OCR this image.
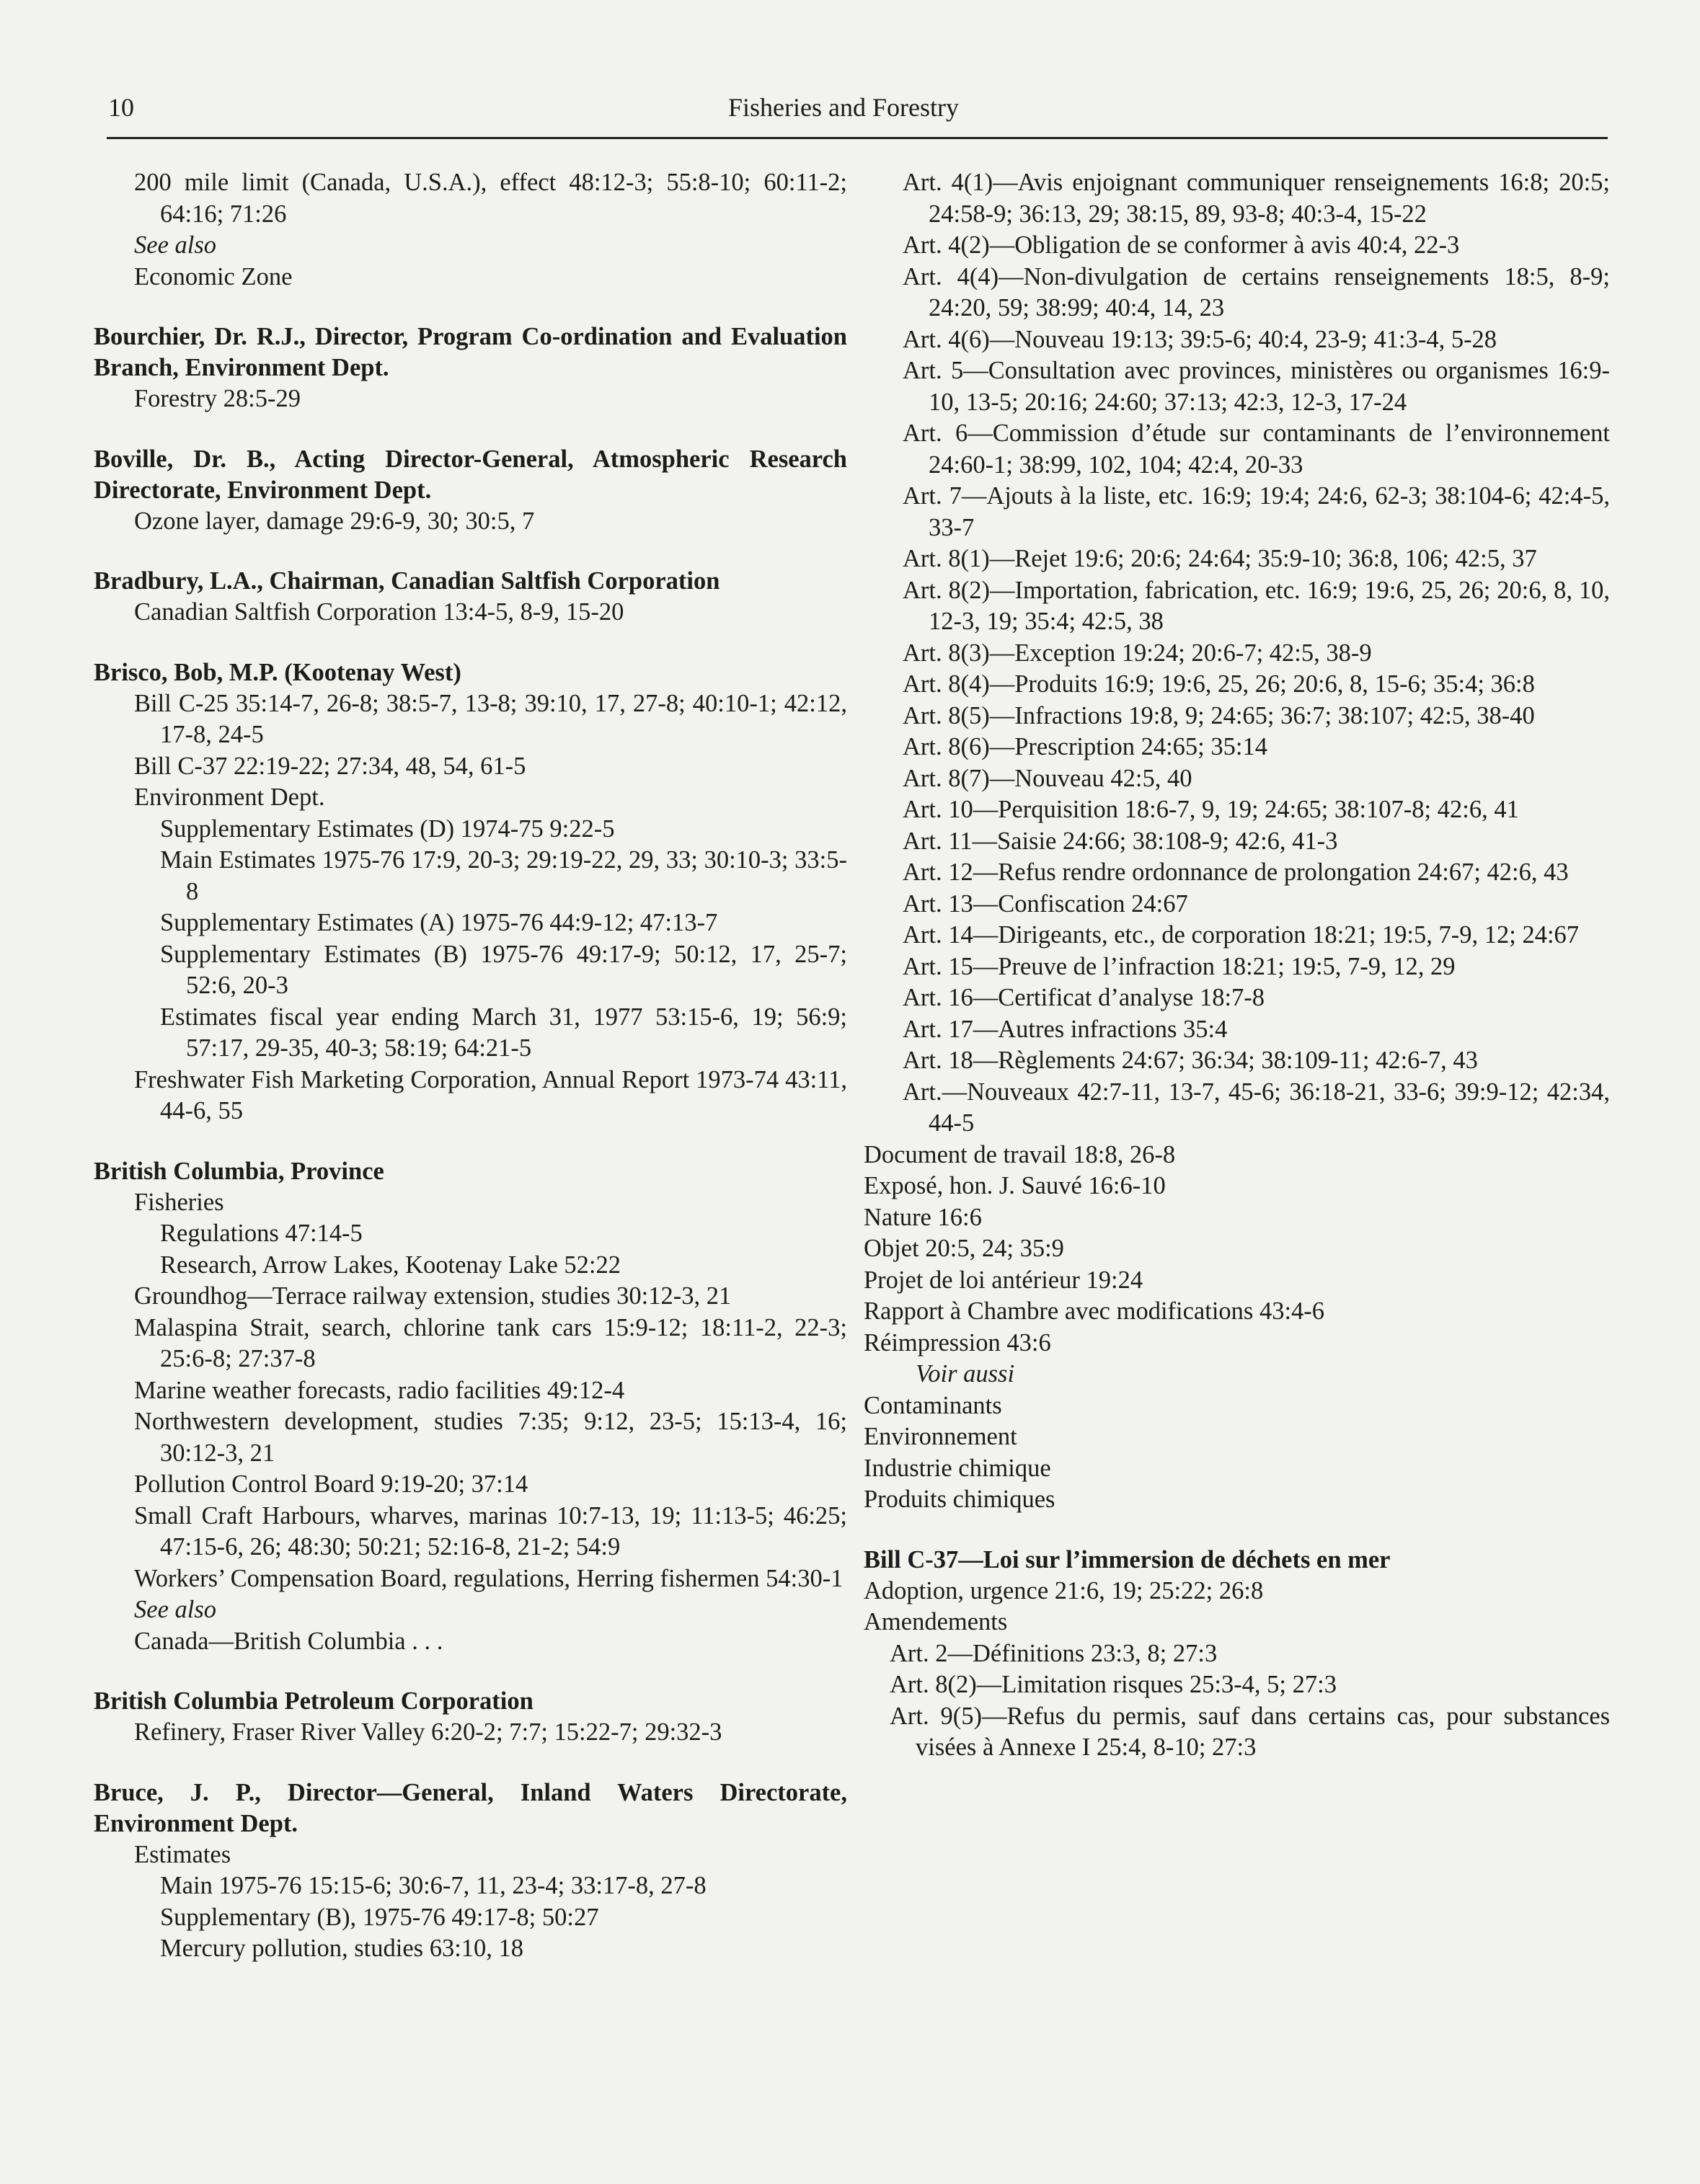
10	Fisheries and Forestry
200 mile limit (Canada, U.S.A.), effect 48:12-3; 55:8-10; 60:11-2; 64:16; 71:26
See also
Economic Zone
Bourchier, Dr. R.J., Director, Program Co-ordination and Evaluation Branch, Environment Dept.
Forestry 28:5-29
Boville, Dr. B., Acting Director-General, Atmospheric Research Directorate, Environment Dept.
Ozone layer, damage 29:6-9, 30; 30:5, 7
Bradbury, L.A., Chairman, Canadian Saltfish Corporation
Canadian Saltfish Corporation 13:4-5, 8-9, 15-20
Brisco, Bob, M.P. (Kootenay West)
Bill C-25 35:14-7, 26-8; 38:5-7, 13-8; 39:10, 17, 27-8; 40:10-1; 42:12, 17-8, 24-5
Bill C-37 22:19-22; 27:34, 48, 54, 61-5
Environment Dept.
Supplementary Estimates (D) 1974-75 9:22-5
Main Estimates 1975-76 17:9, 20-3; 29:19-22, 29, 33; 30:10-3; 33:5-8
Supplementary Estimates (A) 1975-76 44:9-12; 47:13-7
Supplementary Estimates (B) 1975-76 49:17-9; 50:12, 17, 25-7; 52:6, 20-3
Estimates fiscal year ending March 31, 1977 53:15-6, 19; 56:9; 57:17, 29-35, 40-3; 58:19; 64:21-5
Freshwater Fish Marketing Corporation, Annual Report 1973-74 43:11, 44-6, 55
British Columbia, Province
Fisheries
Regulations 47:14-5
Research, Arrow Lakes, Kootenay Lake 52:22
Groundhog—Terrace railway extension, studies 30:12-3, 21
Malaspina Strait, search, chlorine tank cars 15:9-12; 18:11-2, 22-3; 25:6-8; 27:37-8
Marine weather forecasts, radio facilities 49:12-4
Northwestern development, studies 7:35; 9:12, 23-5; 15:13-4, 16; 30:12-3, 21
Pollution Control Board 9:19-20; 37:14
Small Craft Harbours, wharves, marinas 10:7-13, 19; 11:13-5; 46:25; 47:15-6, 26; 48:30; 50:21; 52:16-8, 21-2; 54:9
Workers’ Compensation Board, regulations, Herring fishermen 54:30-1
See also
Canada—British Columbia . . .
British Columbia Petroleum Corporation
Refinery, Fraser River Valley 6:20-2; 7:7; 15:22-7; 29:32-3
Bruce, J. P., Director—General, Inland Waters Directorate, Environment Dept.
Estimates
Main 1975-76 15:15-6; 30:6-7, 11, 23-4; 33:17-8, 27-8
Supplementary (B), 1975-76 49:17-8; 50:27
Mercury pollution, studies 63:10, 18
Art. 4(1)—Avis enjoignant communiquer renseignements 16:8; 20:5; 24:58-9; 36:13, 29; 38:15, 89, 93-8; 40:3-4, 15-22
Art. 4(2)—Obligation de se conformer à avis 40:4, 22-3
Art. 4(4)—Non-divulgation de certains renseignements 18:5, 8-9; 24:20, 59; 38:99; 40:4, 14, 23
Art. 4(6)—Nouveau 19:13; 39:5-6; 40:4, 23-9; 41:3-4, 5-28
Art. 5—Consultation avec provinces, ministères ou organismes 16:9-10, 13-5; 20:16; 24:60; 37:13; 42:3, 12-3, 17-24
Art. 6—Commission d’étude sur contaminants de l’environnement 24:60-1; 38:99, 102, 104; 42:4, 20-33
Art. 7—Ajouts à la liste, etc. 16:9; 19:4; 24:6, 62-3; 38:104-6; 42:4-5, 33-7
Art. 8(1)—Rejet 19:6; 20:6; 24:64; 35:9-10; 36:8, 106; 42:5, 37
Art. 8(2)—Importation, fabrication, etc. 16:9; 19:6, 25, 26; 20:6, 8, 10, 12-3, 19; 35:4; 42:5, 38
Art. 8(3)—Exception 19:24; 20:6-7; 42:5, 38-9
Art. 8(4)—Produits 16:9; 19:6, 25, 26; 20:6, 8, 15-6; 35:4; 36:8
Art. 8(5)—Infractions 19:8, 9; 24:65; 36:7; 38:107; 42:5, 38-40
Art. 8(6)—Prescription 24:65; 35:14
Art. 8(7)—Nouveau 42:5, 40
Art. 10—Perquisition 18:6-7, 9, 19; 24:65; 38:107-8; 42:6, 41
Art. 11—Saisie 24:66; 38:108-9; 42:6, 41-3
Art. 12—Refus rendre ordonnance de prolongation 24:67; 42:6, 43
Art. 13—Confiscation 24:67
Art. 14—Dirigeants, etc., de corporation 18:21; 19:5, 7-9, 12; 24:67
Art. 15—Preuve de l’infraction 18:21; 19:5, 7-9, 12, 29
Art. 16—Certificat d’analyse 18:7-8
Art. 17—Autres infractions 35:4
Art. 18—Règlements 24:67; 36:34; 38:109-11; 42:6-7, 43
Art.—Nouveaux 42:7-11, 13-7, 45-6; 36:18-21, 33-6; 39:9-12; 42:34, 44-5
Document de travail 18:8, 26-8
Exposé, hon. J. Sauvé 16:6-10
Nature 16:6
Objet 20:5, 24; 35:9
Projet de loi antérieur 19:24
Rapport à Chambre avec modifications 43:4-6
Réimpression 43:6
Voir aussi
Contaminants
Environnement
Industrie chimique
Produits chimiques
Bill C-37—Loi sur l’immersion de déchets en mer
Adoption, urgence 21:6, 19; 25:22; 26:8
Amendements
Art. 2—Définitions 23:3, 8; 27:3
Art. 8(2)—Limitation risques 25:3-4, 5; 27:3
Art. 9(5)—Refus du permis, sauf dans certains cas, pour substances visées à Annexe I 25:4, 8-10; 27:3
